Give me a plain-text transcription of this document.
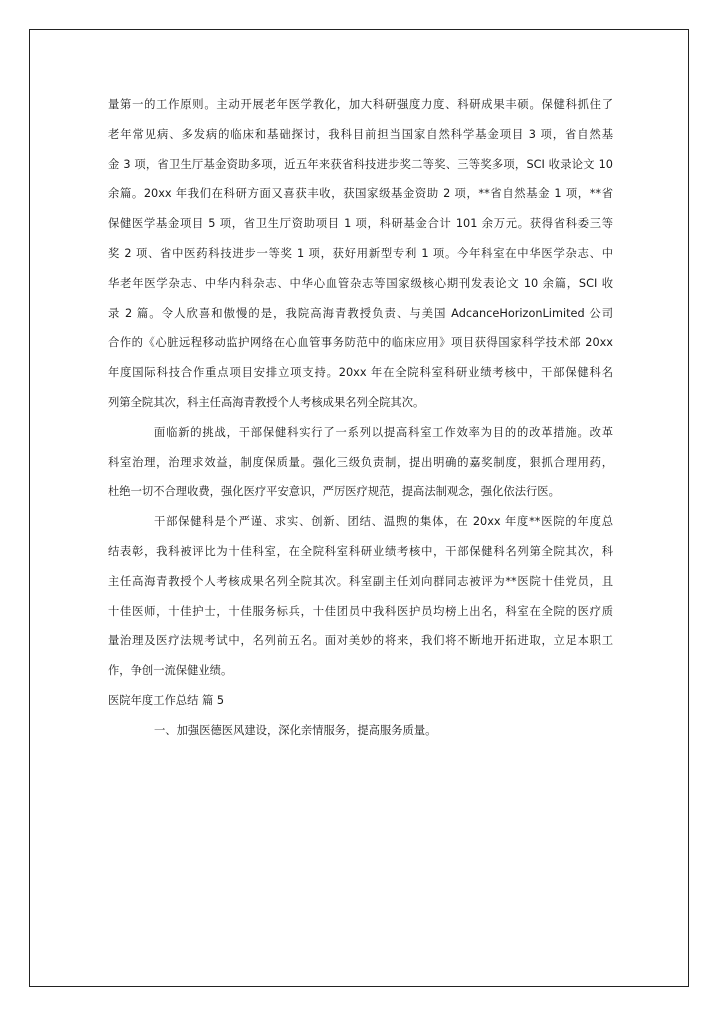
量第一的工作原则。主动开展老年医学教化，加大科研强度力度、科研成果丰硕。保健科抓住了
老年常见病、多发病的临床和基础探讨，我科目前担当国家自然科学基金项目 3 项，省自然基
金 3 项，省卫生厅基金资助多项，近五年来获省科技进步奖二等奖、三等奖多项，SCI 收录论文 10
余篇。20xx 年我们在科研方面又喜获丰收，获国家级基金资助 2 项，**省自然基金 1 项，**省
保健医学基金项目 5 项，省卫生厅资助项目 1 项，科研基金合计 101 余万元。获得省科委三等
奖 2 项、省中医药科技进步一等奖 1 项，获好用新型专利 1 项。今年科室在中华医学杂志、中
华老年医学杂志、中华内科杂志、中华心血管杂志等国家级核心期刊发表论文 10 余篇，SCI 收
录 2 篇。令人欣喜和傲慢的是，我院高海青教授负责、与美国 AdcanceHorizonLimited 公司
合作的《心脏远程移动监护网络在心血管事务防范中的临床应用》项目获得国家科学技术部 20xx
年度国际科技合作重点项目安排立项支持。20xx 年在全院科室科研业绩考核中，干部保健科名
列第全院其次，科主任高海青教授个人考核成果名列全院其次。
面临新的挑战，干部保健科实行了一系列以提高科室工作效率为目的的改革措施。改革
科室治理，治理求效益，制度保质量。强化三级负责制，提出明确的嘉奖制度，狠抓合理用药，
杜绝一切不合理收费，强化医疗平安意识，严厉医疗规范，提高法制观念，强化依法行医。
干部保健科是个严谨、求实、创新、团结、温煦的集体，在 20xx 年度**医院的年度总
结表彰，我科被评比为十佳科室，在全院科室科研业绩考核中，干部保健科名列第全院其次，科
主任高海青教授个人考核成果名列全院其次。科室副主任刘向群同志被评为**医院十佳党员，且
十佳医师，十佳护士，十佳服务标兵，十佳团员中我科医护员均榜上出名，科室在全院的医疗质
量治理及医疗法规考试中，名列前五名。面对美妙的将来，我们将不断地开拓进取，立足本职工
作，争创一流保健业绩。
医院年度工作总结 篇 5
一、加强医德医风建设，深化亲情服务，提高服务质量。
